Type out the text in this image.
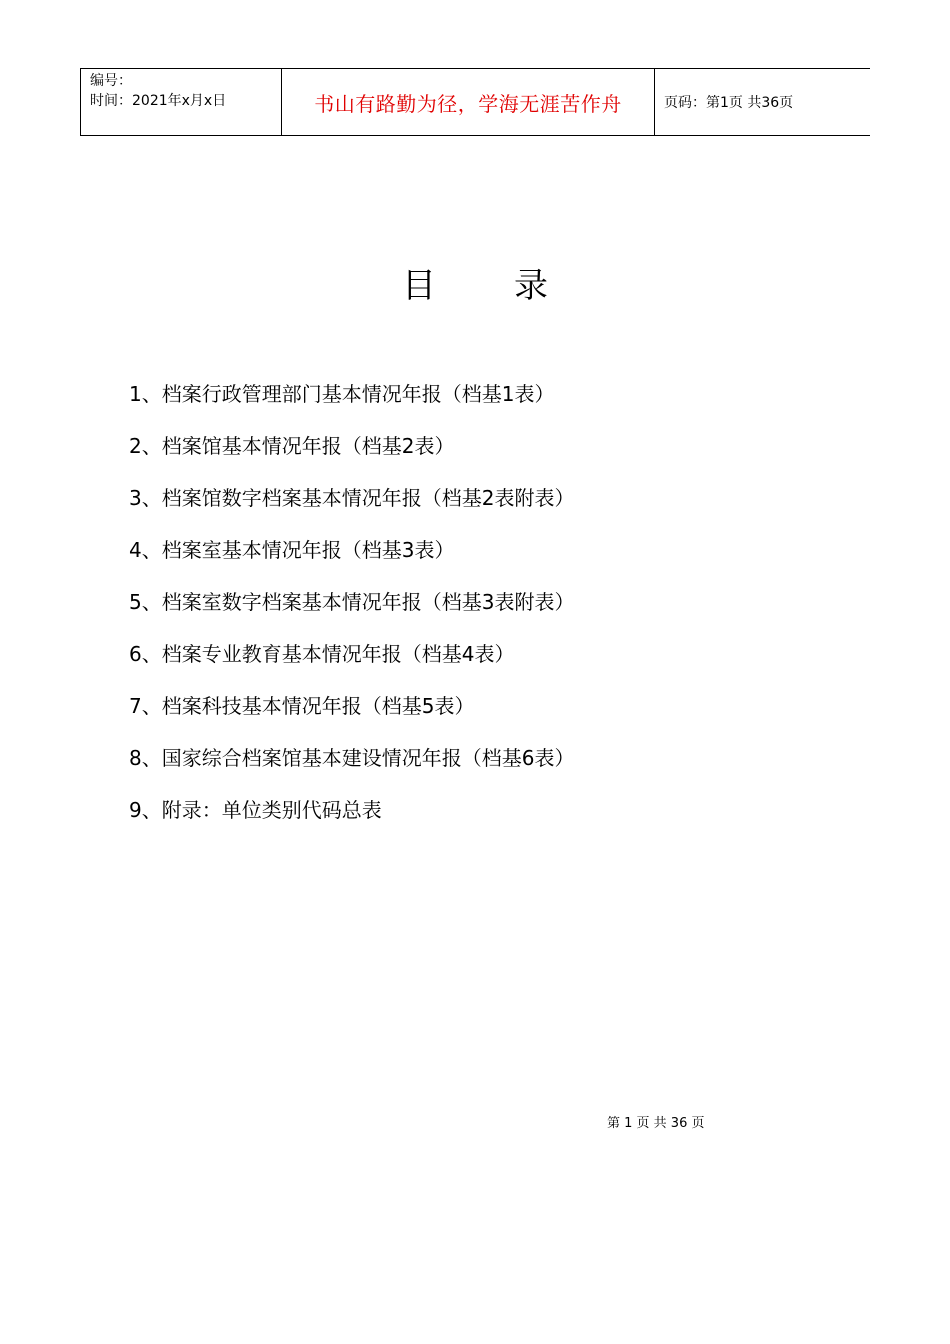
编号：
时间：2021年x月x日	书山有路勤为径，学海无涯苦作舟	页码：第1页 共36页
目 录
1、档案行政管理部门基本情况年报（档基1表）
2、档案馆基本情况年报（档基2表）
3、档案馆数字档案基本情况年报（档基2表附表）
4、档案室基本情况年报（档基3表）
5、档案室数字档案基本情况年报（档基3表附表）
6、档案专业教育基本情况年报（档基4表）
7、档案科技基本情况年报（档基5表）
8、国家综合档案馆基本建设情况年报（档基6表）
9、附录：单位类别代码总表
第 1 页 共 36 页
